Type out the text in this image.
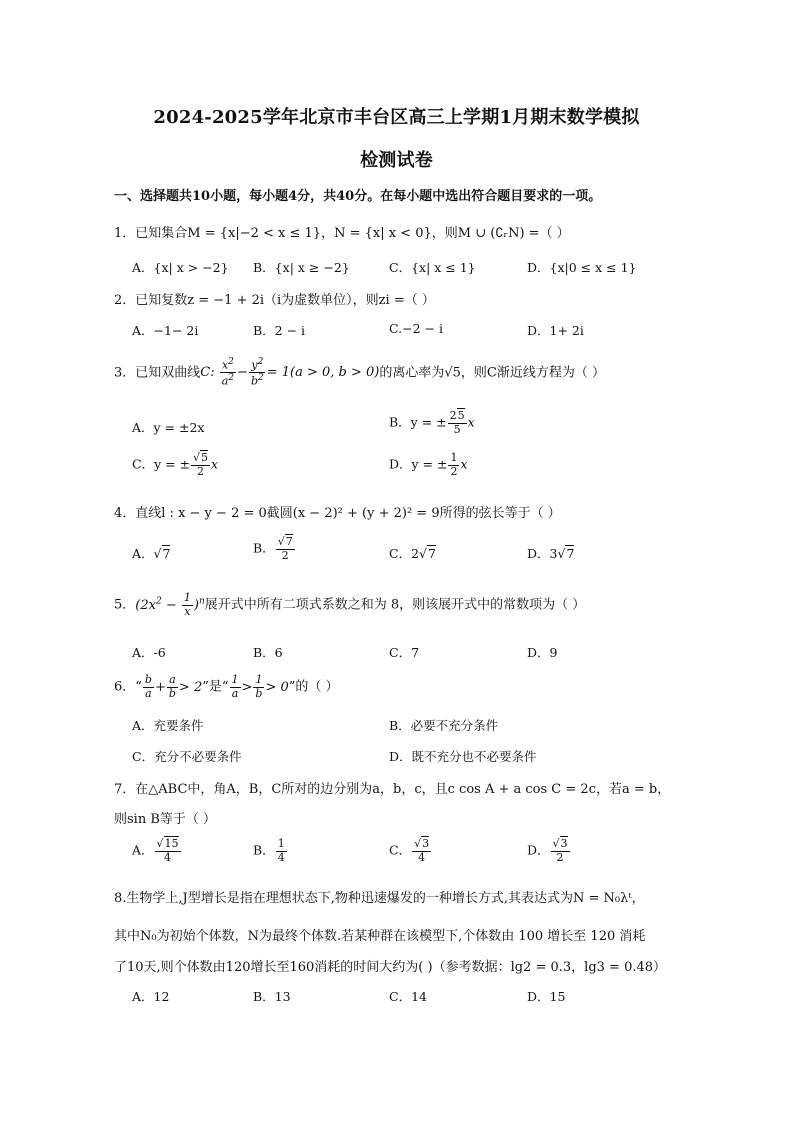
2024-2025学年北京市丰台区高三上学期1月期末数学模拟
检测试卷
一、选择题共10小题，每小题4分，共40分。在每小题中选出符合题目要求的一项。
1．已知集合M = {x|−2 < x ≤ 1}，N = {x| x < 0}，则M ∪ (∁ᵣN) =（ ）
A．{x| x > −2} B．{x| x ≥ −2}	C．{x| x ≤ 1}	D．{x|0 ≤ x ≤ 1}
2．已知复数z = −1 + 2i（i为虚数单位），则zi =（ ）
A．−1− 2i	B．2 − i	C.−2 − i	D．1+ 2i
3．已知双曲线C: $\frac{x^2}{a^2} - \frac{y^2}{b^2} = 1(a > 0$, b > 0)的离心率为√5，则C渐近线方程为（ ）
A．y = ±2x	B．y = ± $\frac{25}{5}$ x
C．y = ± $\frac{√5}{2}$ x	D．y = ± $\frac{1}{2}$ x
4．直线l : x − y − 2 = 0截圆(x − 2)² + (y + 2)² = 9所得的弦长等于（ ）
A．√7	B． $\frac{√7}{2}$	C．2√7	D．3√7
5．$(2x^2 - \frac{1}{x} )^n$展开式中所有二项式系数之和为 8，则该展开式中的常数项为（ ）
A．-6	B．6	C．7	D．9
6．“ $\frac{b}{a} + \frac{a}{b} > 2$”是“ $\frac{1}{a} > \frac{1}{b} > 0$”的（ ）
A．充要条件	B．必要不充分条件
C．充分不必要条件	D．既不充分也不必要条件
7．在△ABC中，角A，B，C所对的边分别为a，b，c，且c cos A + a cos C = 2c，若a = b，
则sin B等于（ ）
A． $\frac{√15}{4}$	B． $\frac{1}{4}$	C． $\frac{√3}{4}$	D． $\frac{√3}{2}$
8.生物学上,J型增长是指在理想状态下,物种迅速爆发的一种增长方式,其表达式为N = N₀λᵗ，
其中N₀为初始个体数，N为最终个体数.若某种群在该模型下,个体数由 100 增长至 120 消耗
了10天,则个体数由120增长至160消耗的时间大约为( )（参考数据：lg2 = 0.3，lg3 = 0.48）
A．12	B．13	C．14	D．15
